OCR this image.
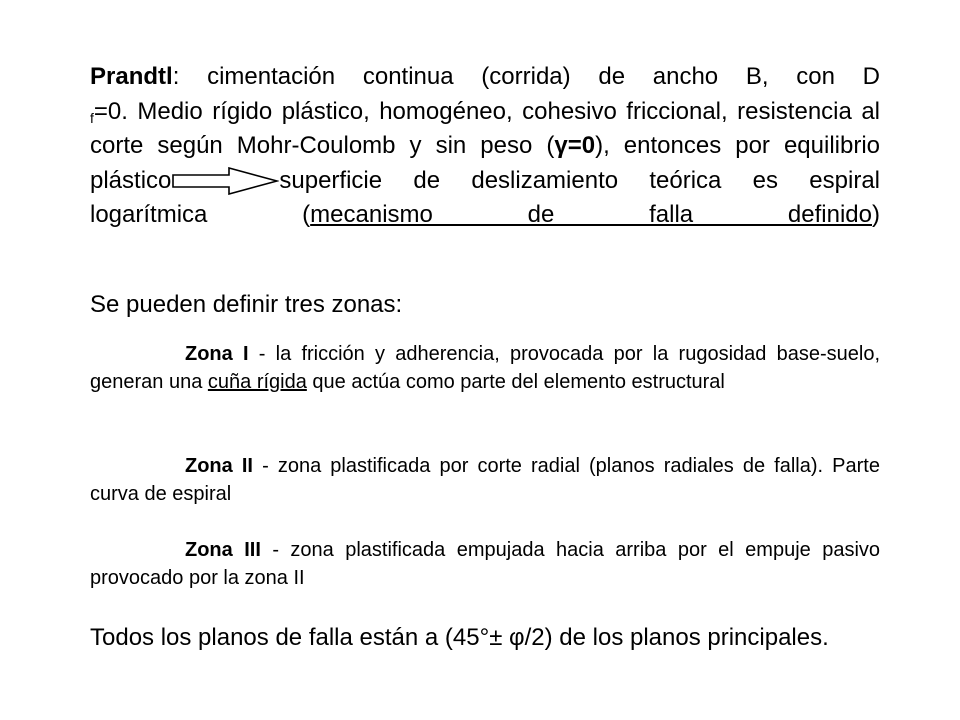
Prandtl: cimentación continua (corrida) de ancho B, con D
$_f$=0. Medio rígido plástico, homogéneo, cohesivo friccional, resistencia al corte según Mohr-Coulomb y sin peso (γ=0), entonces por equilibrio plástico	superficie de deslizamiento teórica es espiral logarítmica (mecanismo de falla definido)
Se pueden definir tres zonas:
Zona I - la fricción y adherencia, provocada por la rugosidad base-suelo, generan una cuña rígida que actúa como parte del elemento estructural
Zona II - zona plastificada por corte radial (planos radiales de falla). Parte curva de espiral
Zona III - zona plastificada empujada hacia arriba por el empuje pasivo provocado por la zona II
Todos los planos de falla están a (45°± φ/2) de los planos principales.
